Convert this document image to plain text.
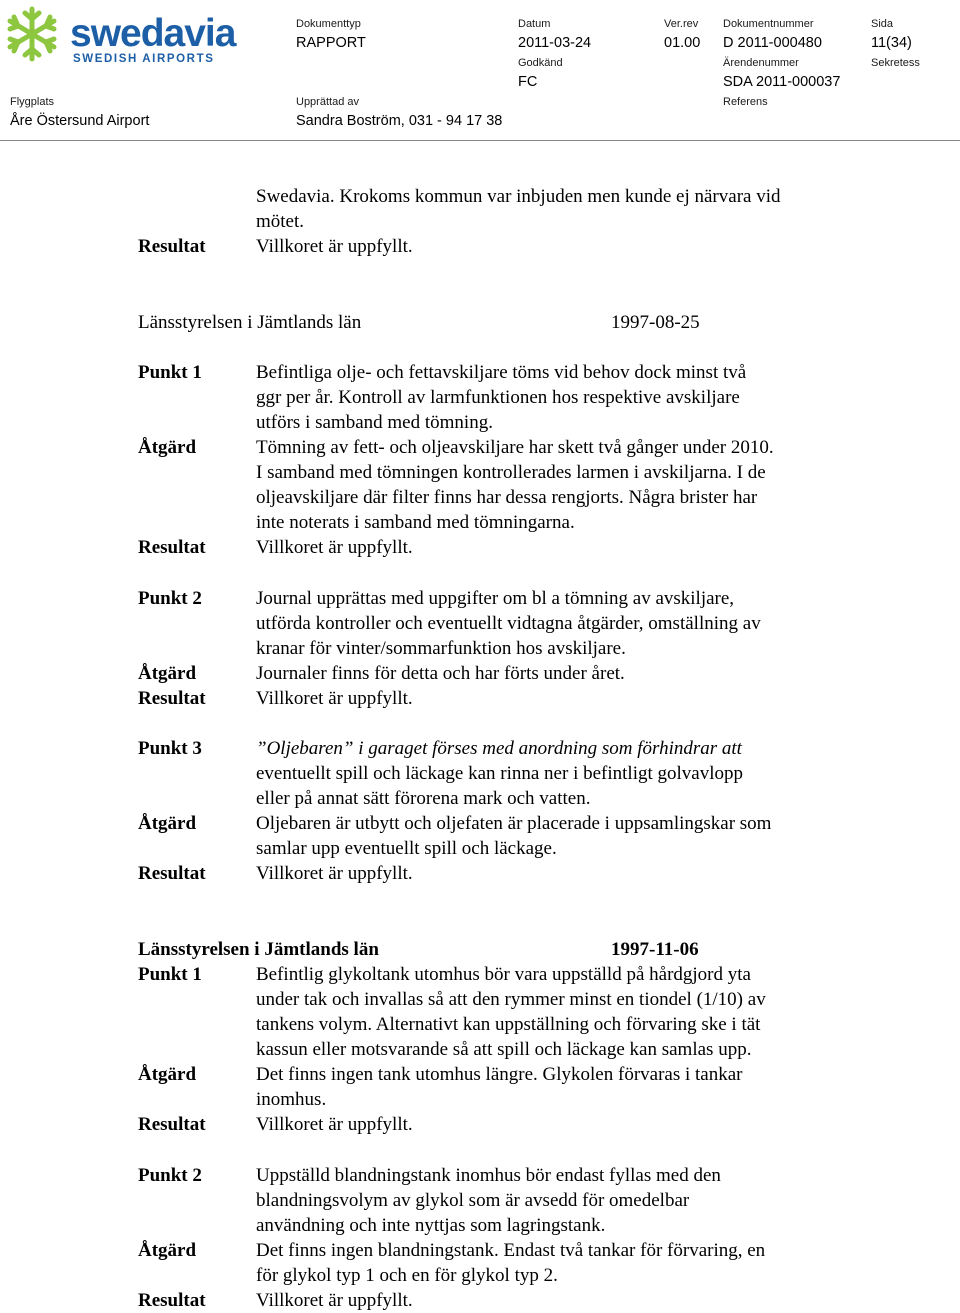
swedavia
SWEDISH AIRPORTS
Dokumenttyp
RAPPORT
Datum
2011-03-24
Ver.rev
01.00
Dokumentnummer
D 2011-000480
Sida
11(34)
Godkänd
FC
Ärendenummer
SDA 2011-000037
Sekretess
Flygplats
Åre Östersund Airport
Upprättad av
Sandra Boström, 031 - 94 17 38
Referens
Swedavia. Krokoms kommun var inbjuden men kunde ej närvara vid
mötet.
Resultat	Villkoret är uppfyllt.
Länsstyrelsen i Jämtlands län	1997-08-25
Punkt 1	Befintliga olje- och fettavskiljare töms vid behov dock minst två
ggr per år. Kontroll av larmfunktionen hos respektive avskiljare
utförs i samband med tömning.
Åtgärd	Tömning av fett- och oljeavskiljare har skett två gånger under 2010.
I samband med tömningen kontrollerades larmen i avskiljarna. I de
oljeavskiljare där filter finns har dessa rengjorts. Några brister har
inte noterats i samband med tömningarna.
Resultat	Villkoret är uppfyllt.
Punkt 2	Journal upprättas med uppgifter om bl a tömning av avskiljare,
utförda kontroller och eventuellt vidtagna åtgärder, omställning av
kranar för vinter/sommarfunktion hos avskiljare.
Åtgärd	Journaler finns för detta och har förts under året.
Resultat	Villkoret är uppfyllt.
Punkt 3	”Oljebaren” i garaget förses med anordning som förhindrar att
eventuellt spill och läckage kan rinna ner i befintligt golvavlopp
eller på annat sätt förorena mark och vatten.
Åtgärd	Oljebaren är utbytt och oljefaten är placerade i uppsamlingskar som
samlar upp eventuellt spill och läckage.
Resultat	Villkoret är uppfyllt.
Länsstyrelsen i Jämtlands län	1997-11-06
Punkt 1	Befintlig glykoltank utomhus bör vara uppställd på hårdgjord yta
under tak och invallas så att den rymmer minst en tiondel (1/10) av
tankens volym. Alternativt kan uppställning och förvaring ske i tät
kassun eller motsvarande så att spill och läckage kan samlas upp.
Åtgärd	Det finns ingen tank utomhus längre. Glykolen förvaras i tankar
inomhus.
Resultat	Villkoret är uppfyllt.
Punkt 2	Uppställd blandningstank inomhus bör endast fyllas med den
blandningsvolym av glykol som är avsedd för omedelbar
användning och inte nyttjas som lagringstank.
Åtgärd	Det finns ingen blandningstank. Endast två tankar för förvaring, en
för glykol typ 1 och en för glykol typ 2.
Resultat	Villkoret är uppfyllt.
